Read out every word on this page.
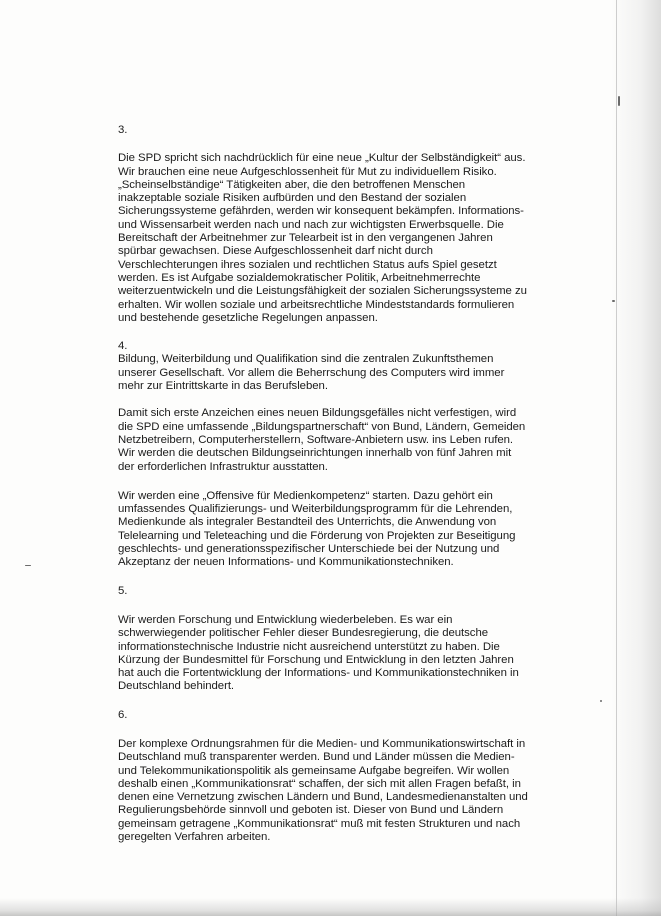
3.

Die SPD spricht sich nachdrücklich für eine neue „Kultur der Selbständigkeit“ aus. Wir brauchen eine neue Aufgeschlossenheit für Mut zu individuellem Risiko. „Scheinselbständige“ Tätigkeiten aber, die den betroffenen Menschen inakzeptable soziale Risiken aufbürden und den Bestand der sozialen Sicherungssysteme gefährden, werden wir konsequent bekämpfen. Informations- und Wissensarbeit werden nach und nach zur wichtigsten Erwerbsquelle. Die Bereitschaft der Arbeitnehmer zur Telearbeit ist in den vergangenen Jahren spürbar gewachsen. Diese Aufgeschlossenheit darf nicht durch Verschlechterungen ihres sozialen und rechtlichen Status aufs Spiel gesetzt werden. Es ist Aufgabe sozialdemokratischer Politik, Arbeitnehmerrechte weiterzuentwickeln und die Leistungsfähigkeit der sozialen Sicherungssysteme zu erhalten. Wir wollen soziale und arbeitsrechtliche Mindeststandards formulieren und bestehende gesetzliche Regelungen anpassen.

4.

Bildung, Weiterbildung und Qualifikation sind die zentralen Zukunftsthemen unserer Gesellschaft. Vor allem die Beherrschung des Computers wird immer mehr zur Eintrittskarte in das Berufsleben.

Damit sich erste Anzeichen eines neuen Bildungsgefälles nicht verfestigen, wird die SPD eine umfassende „Bildungspartnerschaft“ von Bund, Ländern, Gemeiden Netzbetreibern, Computerherstellern, Software-Anbietern usw. ins Leben rufen. Wir werden die deutschen Bildungseinrichtungen innerhalb von fünf Jahren mit der erforderlichen Infrastruktur ausstatten.

Wir werden eine „Offensive für Medienkompetenz“ starten. Dazu gehört ein umfassendes Qualifizierungs- und Weiterbildungsprogramm für die Lehrenden, Medienkunde als integraler Bestandteil des Unterrichts, die Anwendung von Telelearning und Teleteaching und die Förderung von Projekten zur Beseitigung geschlechts- und generationsspezifischer Unterschiede bei der Nutzung und Akzeptanz der neuen Informations- und Kommunikationstechniken.

5.

Wir werden Forschung und Entwicklung wiederbeleben. Es war ein schwerwiegender politischer Fehler dieser Bundesregierung, die deutsche informationstechnische Industrie nicht ausreichend unterstützt zu haben. Die Kürzung der Bundesmittel für Forschung und Entwicklung in den letzten Jahren hat auch die Fortentwicklung der Informations- und Kommunikationstechniken in Deutschland behindert.

6.

Der komplexe Ordnungsrahmen für die Medien- und Kommunikationswirtschaft in Deutschland muß transparenter werden. Bund und Länder müssen die Medien- und Telekommunikationspolitik als gemeinsame Aufgabe begreifen. Wir wollen deshalb einen „Kommunikationsrat“ schaffen, der sich mit allen Fragen befaßt, in denen eine Vernetzung zwischen Ländern und Bund, Landesmedienanstalten und Regulierungsbehörde sinnvoll und geboten ist. Dieser von Bund und Ländern gemeinsam getragene „Kommunikationsrat“ muß mit festen Strukturen und nach geregelten Verfahren arbeiten.
